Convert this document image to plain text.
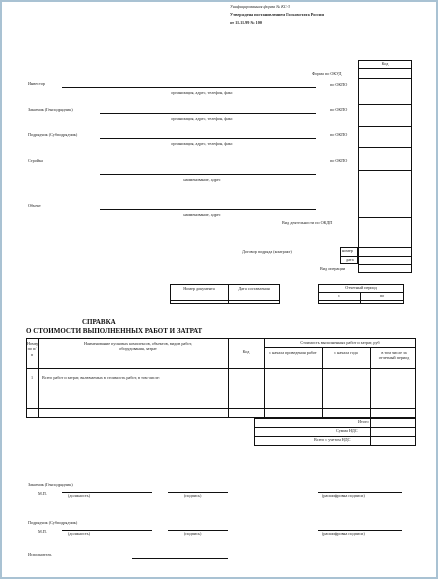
Унифицированная форма № КС-3
Утверждена постановлением Госкомстата России
от 11.11.99 № 100
Код
Форма по ОКУД
по ОКПО
по ОКПО
по ОКПО
по ОКПО
Вид деятельности по ОКДП
Договор подряда (контракт)	номер
дата
Вид операции
Инвестор
организация, адрес, телефон, факс
Заказчик (Генподрядчик)
организация, адрес, телефон, факс
Подрядчик (Субподрядчик)
организация, адрес, телефон, факс
Стройка
наименование, адрес
Объект
наименование, адрес
Номер документа	Дата составления	Отчетный период
с	по
СПРАВКА
О СТОИМОСТИ ВЫПОЛНЕННЫХ РАБОТ И ЗАТРАТ
Номер по п/п
Наименование пусковых комплексов, объектов, видов работ, оборудования, затрат
Код
Стоимость выполненных работ и затрат, руб
с начала проведения работ	с начала года	в том числе за отчетный период
1	Всего работ и затрат, включаемых в стоимость работ, в том числе:
Итого
Сумма НДС
Всего с учетом НДС
Заказчик (Генподрядчик)
М.П.	(должность)	(подпись)	(расшифровка подписи)
Подрядчик (Субподрядчик)
М.П.	(должность)	(подпись)	(расшифровка подписи)
Исполнитель
